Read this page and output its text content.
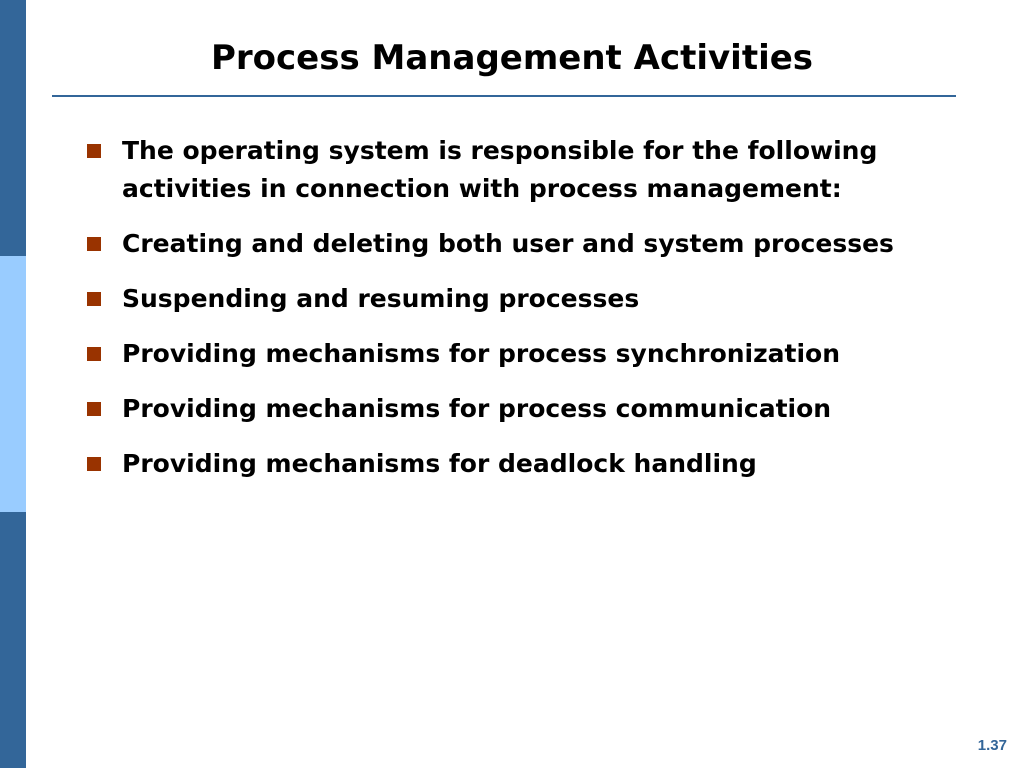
Process Management Activities
The operating system is responsible for the following activities in connection with process management:
Creating and deleting both user and system processes
Suspending and resuming processes
Providing mechanisms for process synchronization
Providing mechanisms for process communication
Providing mechanisms for deadlock handling
1.37
